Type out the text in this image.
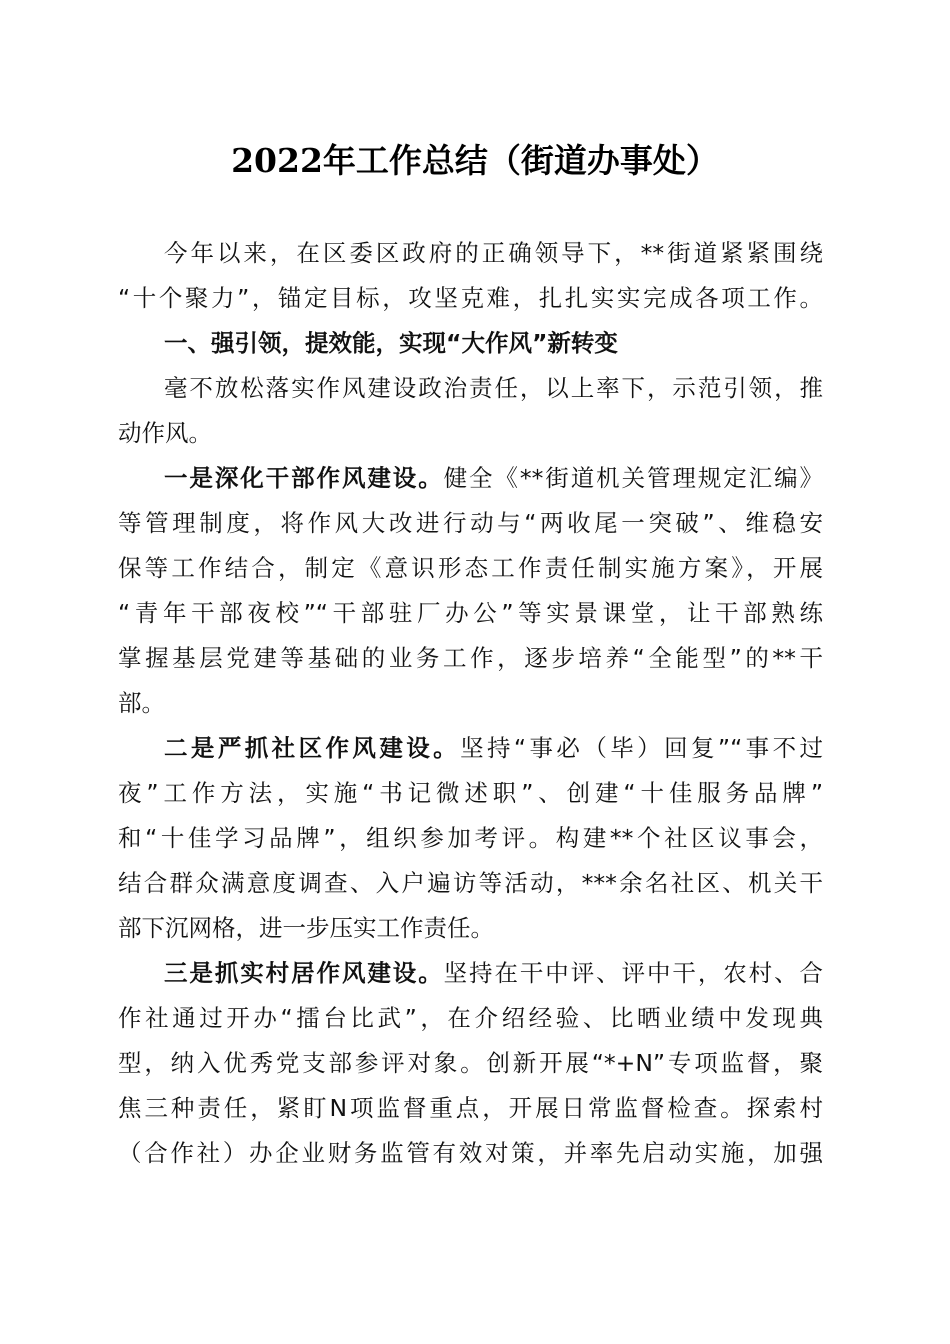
2022年工作总结（街道办事处）
今年以来，在区委区政府的正确领导下，**街道紧紧围绕
“十个聚力”，锚定目标，攻坚克难，扎扎实实完成各项工作。
一、强引领，提效能，实现“大作风”新转变
毫不放松落实作风建设政治责任，以上率下，示范引领，推
动作风。
一是深化干部作风建设。健全《**街道机关管理规定汇编》
等管理制度，将作风大改进行动与“两收尾一突破”、维稳安
保等工作结合，制定《意识形态工作责任制实施方案》，开展
“青年干部夜校”“干部驻厂办公”等实景课堂，让干部熟练
掌握基层党建等基础的业务工作，逐步培养“全能型”的**干
部。
二是严抓社区作风建设。坚持“事必（毕）回复”“事不过
夜”工作方法，实施“书记微述职”、创建“十佳服务品牌”
和“十佳学习品牌”，组织参加考评。构建**个社区议事会，
结合群众满意度调查、入户遍访等活动，***余名社区、机关干
部下沉网格，进一步压实工作责任。
三是抓实村居作风建设。坚持在干中评、评中干，农村、合
作社通过开办“擂台比武”，在介绍经验、比晒业绩中发现典
型，纳入优秀党支部参评对象。创新开展“*+N”专项监督，聚
焦三种责任，紧盯N项监督重点，开展日常监督检查。探索村
（合作社）办企业财务监管有效对策，并率先启动实施，加强
